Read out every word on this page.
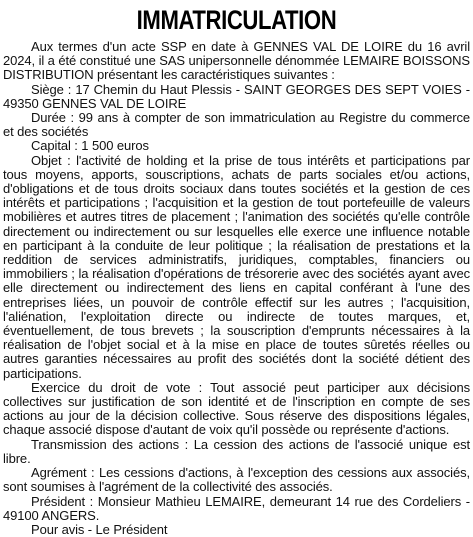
IMMATRICULATION

Aux termes d'un acte SSP en date à GENNES VAL DE LOIRE du 16 avril 2024, il a été constitué une SAS unipersonnelle dénommée LEMAIRE BOISSONS DISTRIBUTION présentant les caractéristiques suivantes :

Siège : 17 Chemin du Haut Plessis - SAINT GEORGES DES SEPT VOIES - 49350 GENNES VAL DE LOIRE

Durée : 99 ans à compter de son immatriculation au Registre du commerce et des sociétés

Capital : 1 500 euros

Objet : l'activité de holding et la prise de tous intérêts et participations par tous moyens, apports, souscriptions, achats de parts sociales et/ou actions, d'obligations et de tous droits sociaux dans toutes sociétés et la gestion de ces intérêts et participations ; l'acquisition et la gestion de tout portefeuille de valeurs mobilières et autres titres de placement ; l'animation des sociétés qu'elle contrôle directement ou indirectement ou sur lesquelles elle exerce une influence notable en participant à la conduite de leur politique ; la réalisation de prestations et la reddition de services administratifs, juridiques, comptables, financiers ou immobiliers ; la réalisation d'opérations de trésorerie avec des sociétés ayant avec elle directement ou indirectement des liens en capital conférant à l'une des entreprises liées, un pouvoir de contrôle effectif sur les autres ; l'acquisition, l'aliénation, l'exploitation directe ou indirecte de toutes marques, et, éventuellement, de tous brevets ; la souscription d'emprunts nécessaires à la réalisation de l'objet social et à la mise en place de toutes sûretés réelles ou autres garanties nécessaires au profit des sociétés dont la société détient des participations.

Exercice du droit de vote : Tout associé peut participer aux décisions collectives sur justification de son identité et de l'inscription en compte de ses actions au jour de la décision collective. Sous réserve des dispositions légales, chaque associé dispose d'autant de voix qu'il possède ou représente d'actions.

Transmission des actions : La cession des actions de l'associé unique est libre.

Agrément : Les cessions d'actions, à l'exception des cessions aux associés, sont soumises à l'agrément de la collectivité des associés.

Président : Monsieur Mathieu LEMAIRE, demeurant 14 rue des Cordeliers - 49100 ANGERS.

Pour avis - Le Président
